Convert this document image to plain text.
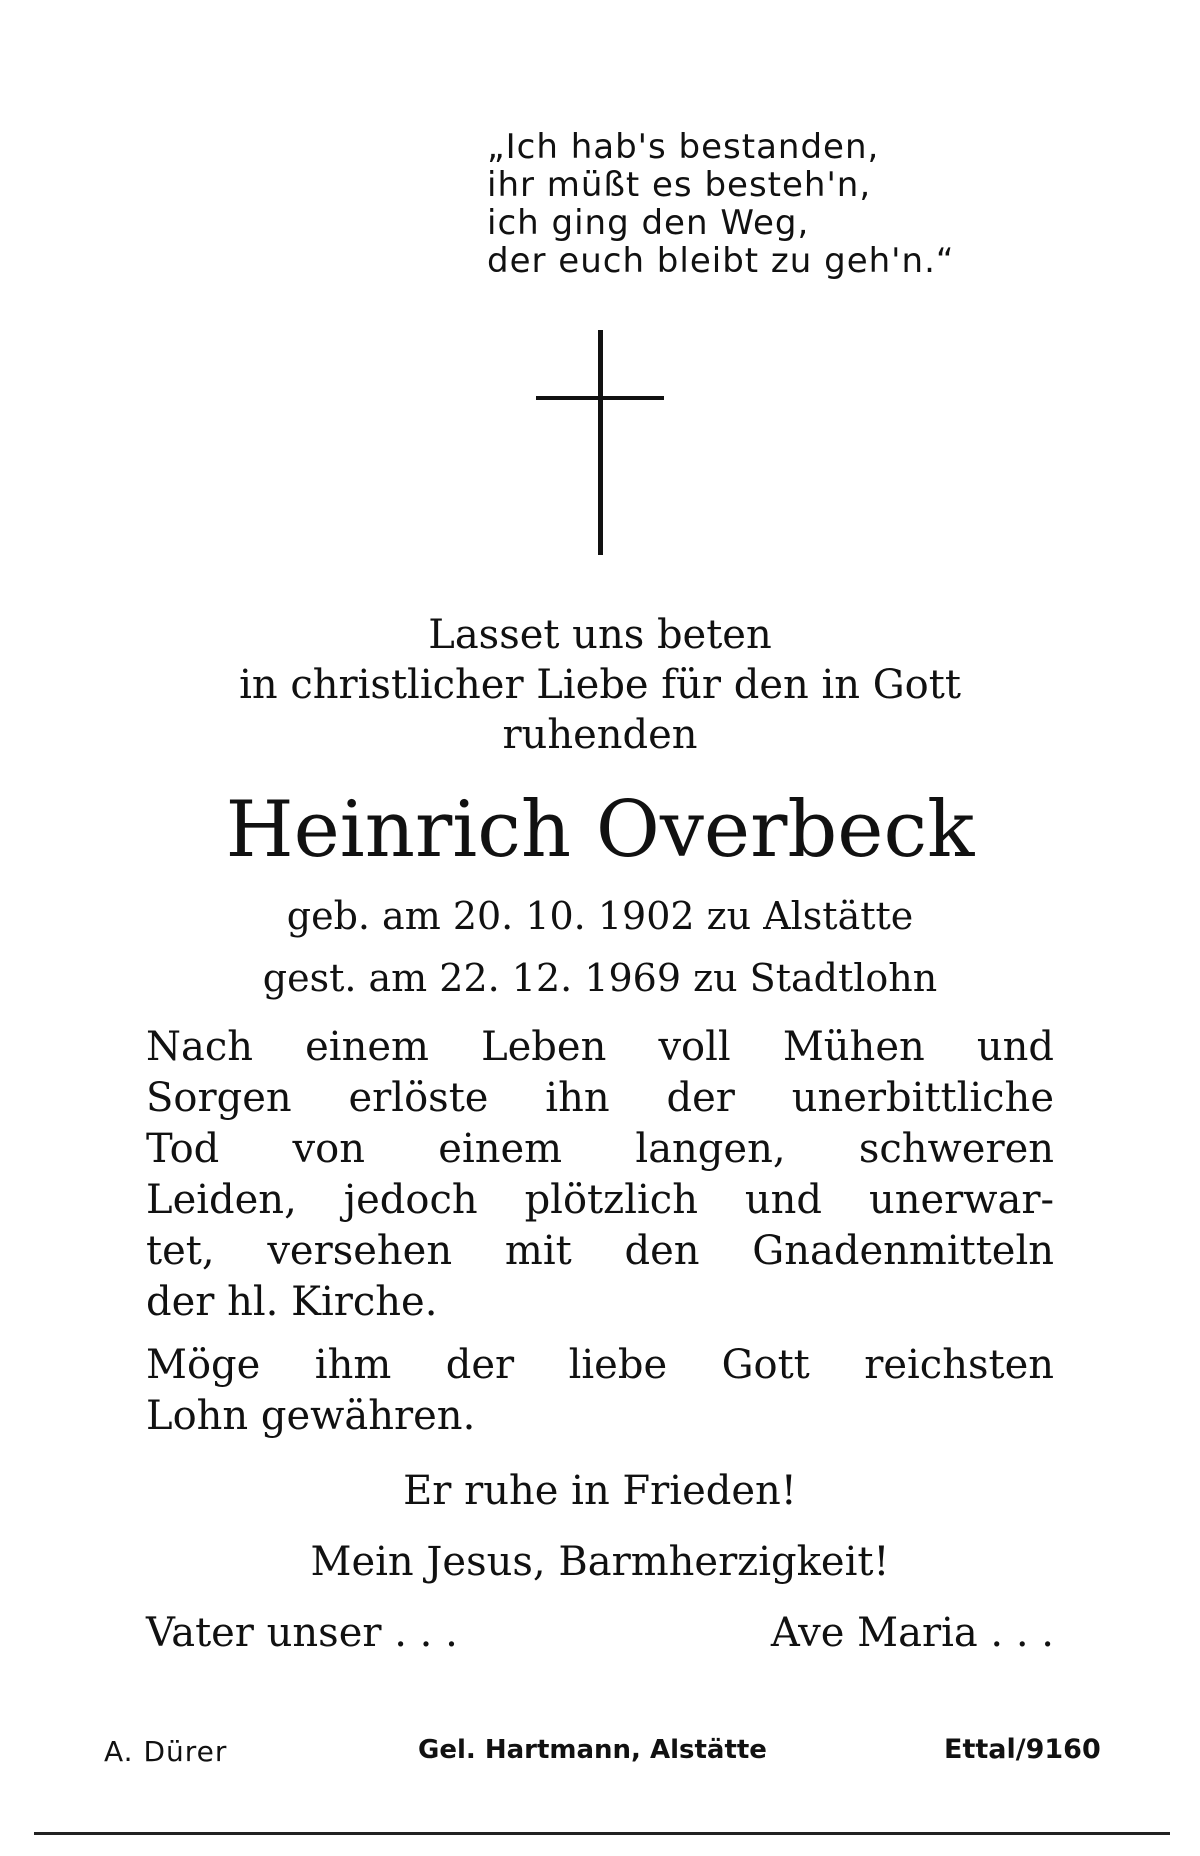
„Ich hab's bestanden,
ihr müßt es besteh'n,
ich ging den Weg,
der euch bleibt zu geh'n.“
Lasset uns beten
in christlicher Liebe für den in Gott
ruhenden
Heinrich Overbeck
geb. am 20. 10. 1902 zu Alstätte
gest. am 22. 12. 1969 zu Stadtlohn
Nach einem Leben voll Mühen und
Sorgen erlöste ihn der unerbittliche
Tod von einem langen, schweren
Leiden, jedoch plötzlich und unerwar-
tet, versehen mit den Gnadenmitteln
der hl. Kirche.
Möge ihm der liebe Gott reichsten
Lohn gewähren.
Er ruhe in Frieden!
Mein Jesus, Barmherzigkeit!
Vater unser . . .	Ave Maria . . .
A. Dürer	Gel. Hartmann, Alstätte	Ettal/9160
